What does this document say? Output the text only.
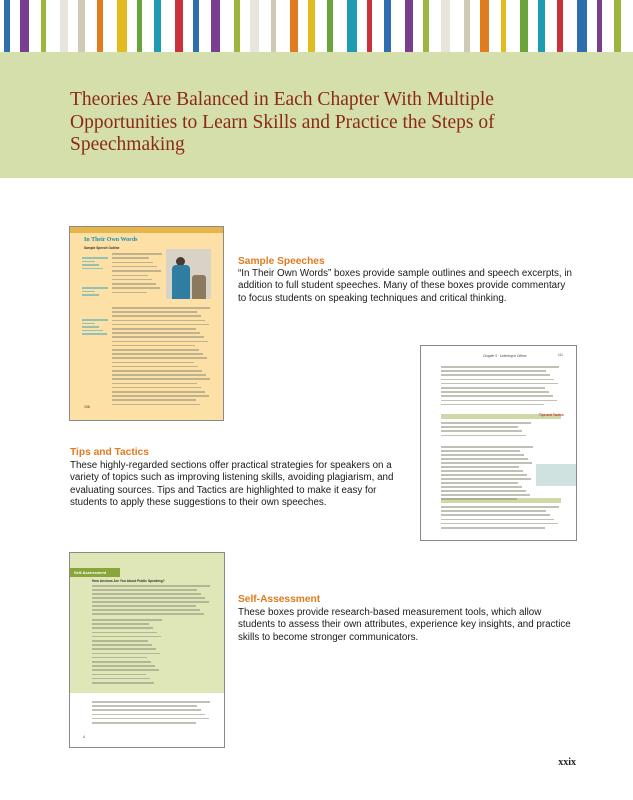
Theories Are Balanced in Each Chapter With Multiple Opportunities to Learn Skills and Practice the Steps of Speechmaking
In Their Own Words
Sample Speech Outline
106
Sample Speeches

“In Their Own Words” boxes provide sample outlines and speech excerpts, in addition to full student speeches. Many of these boxes provide commentary to focus students on speaking techniques and critical thinking.

Chapter 5 · Listening to Others	111
Tips and Tactics
Tips and Tactics

These highly-regarded sections offer practical strategies for speakers on a variety of topics such as improving listening skills, avoiding plagiarism, and evaluating sources. Tips and Tactics are highlighted to make it easy for students to apply these suggestions to their own speeches.

Self-Assessment
How Anxious Are You About Public Speaking?
4
Self-Assessment

These boxes provide research-based measurement tools, which allow students to assess their own attributes, experience key insights, and practice skills to become stronger communicators.

xxix
